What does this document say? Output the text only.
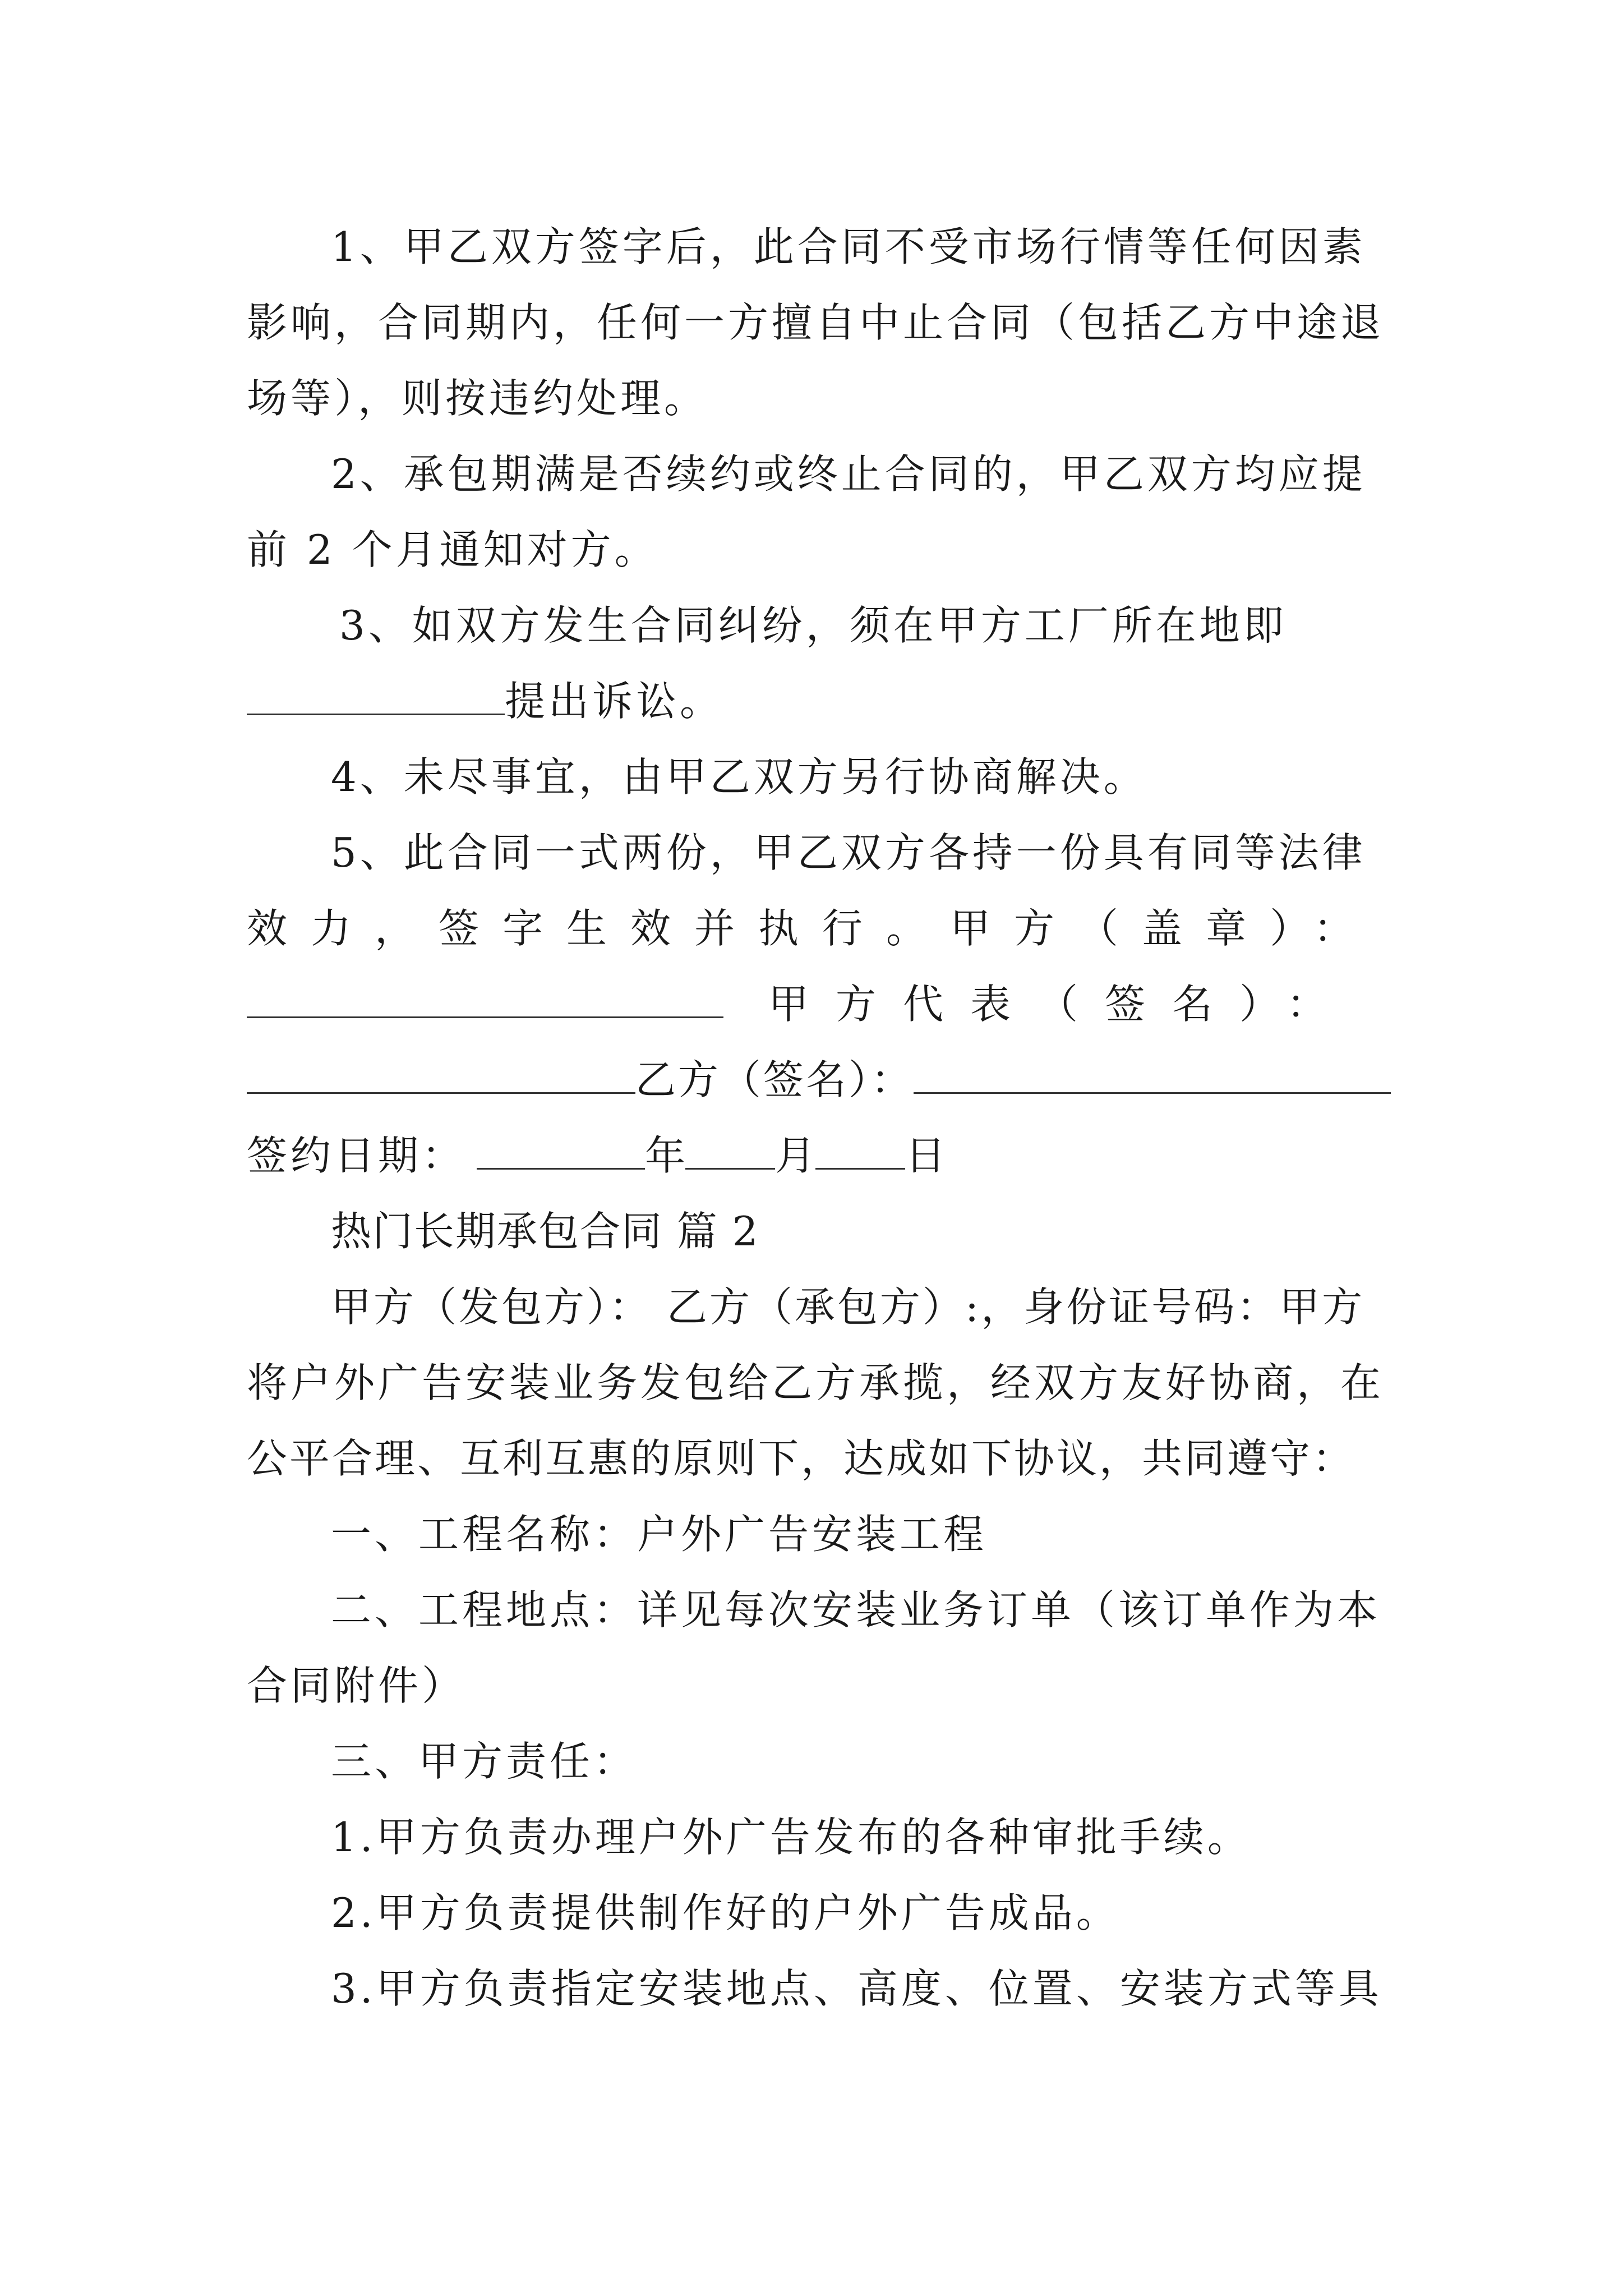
1、甲乙双方签字后，此合同不受市场行情等任何因素
影响，合同期内，任何一方擅自中止合同（包括乙方中途退
场等），则按违约处理。
2、承包期满是否续约或终止合同的，甲乙双方均应提
前 2 个月通知对方。
3、如双方发生合同纠纷，须在甲方工厂所在地即
提出诉讼。
4、未尽事宜，由甲乙双方另行协商解决。
5、此合同一式两份，甲乙双方各持一份具有同等法律
效力，签字生效并执行。甲方（盖章）：
甲方代表（签名）：
乙方（签名）：
签约日期：	年 月 日
热门长期承包合同 篇 2
甲方（发包方）： 乙方（承包方）:，身份证号码：甲方
将户外广告安装业务发包给乙方承揽，经双方友好协商，在
公平合理、互利互惠的原则下，达成如下协议，共同遵守：
一、工程名称：户外广告安装工程
二、工程地点：详见每次安装业务订单（该订单作为本
合同附件）
三、甲方责任：
1.甲方负责办理户外广告发布的各种审批手续。
2.甲方负责提供制作好的户外广告成品。
3.甲方负责指定安装地点、高度、位置、安装方式等具
